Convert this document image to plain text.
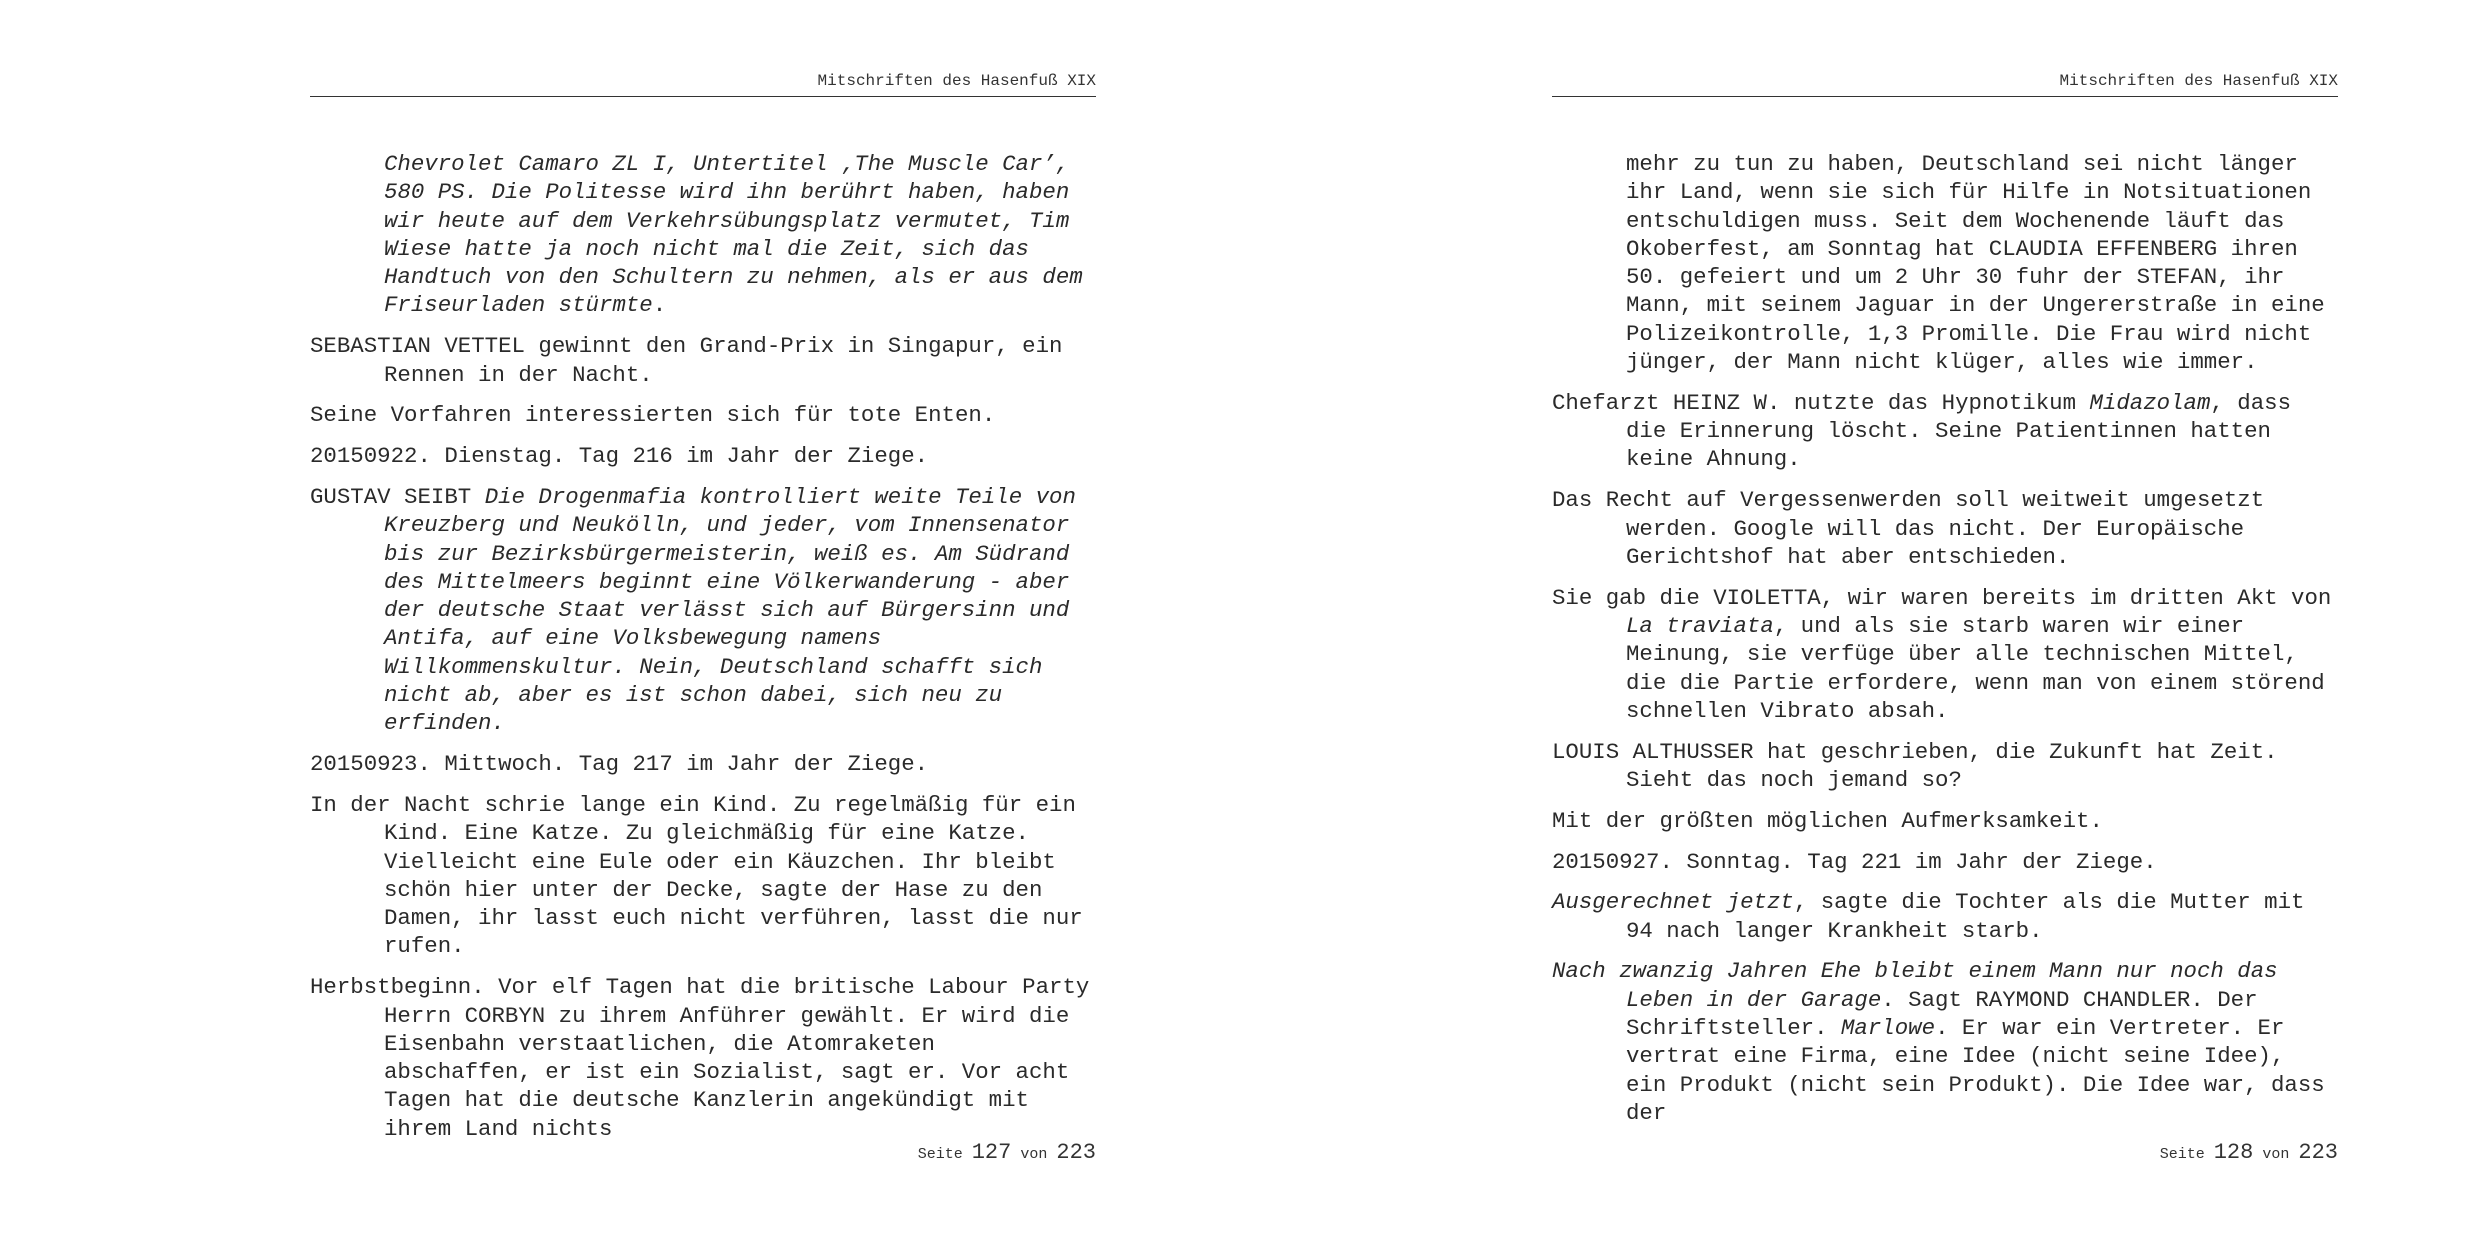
Mitschriften des Hasenfuß XIX

Chevrolet Camaro ZL I, Untertitel ‚The Muscle Car’, 580 PS. Die Politesse wird ihn berührt haben, haben wir heute auf dem Verkehrsübungsplatz vermutet, Tim Wiese hatte ja noch nicht mal die Zeit, sich das Handtuch von den Schultern zu nehmen, als er aus dem Friseurladen stürmte.

SEBASTIAN VETTEL gewinnt den Grand-Prix in Singapur, ein Rennen in der Nacht.

Seine Vorfahren interessierten sich für tote Enten.

20150922. Dienstag. Tag 216 im Jahr der Ziege.

GUSTAV SEIBT Die Drogenmafia kontrolliert weite Teile von Kreuzberg und Neukölln, und jeder, vom Innensenator bis zur Bezirksbürgermeisterin, weiß es. Am Südrand des Mittelmeers beginnt eine Völkerwanderung - aber der deutsche Staat verlässt sich auf Bürgersinn und Antifa, auf eine Volksbewegung namens Willkommenskultur. Nein, Deutschland schafft sich nicht ab, aber es ist schon dabei, sich neu zu erfinden.

20150923. Mittwoch. Tag 217 im Jahr der Ziege.

In der Nacht schrie lange ein Kind. Zu regelmäßig für ein Kind. Eine Katze. Zu gleichmäßig für eine Katze. Vielleicht eine Eule oder ein Käuzchen. Ihr bleibt schön hier unter der Decke, sagte der Hase zu den Damen, ihr lasst euch nicht verführen, lasst die nur rufen.

Herbstbeginn. Vor elf Tagen hat die britische Labour Party Herrn CORBYN zu ihrem Anführer gewählt. Er wird die Eisenbahn verstaatlichen, die Atomraketen abschaffen, er ist ein Sozialist, sagt er. Vor acht Tagen hat die deutsche Kanzlerin angekündigt mit ihrem Land nichts

Seite 127 von 223
Mitschriften des Hasenfuß XIX

mehr zu tun zu haben, Deutschland sei nicht länger ihr Land, wenn sie sich für Hilfe in Notsituationen entschuldigen muss. Seit dem Wochenende läuft das Okoberfest, am Sonntag hat CLAUDIA EFFENBERG ihren 50. gefeiert und um 2 Uhr 30 fuhr der STEFAN, ihr Mann, mit seinem Jaguar in der Ungererstraße in eine Polizeikontrolle, 1,3 Promille. Die Frau wird nicht jünger, der Mann nicht klüger, alles wie immer.

Chefarzt HEINZ W. nutzte das Hypnotikum Midazolam, dass die Erinnerung löscht. Seine Patientinnen hatten keine Ahnung.

Das Recht auf Vergessenwerden soll weitweit umgesetzt werden. Google will das nicht. Der Europäische Gerichtshof hat aber entschieden.

Sie gab die VIOLETTA, wir waren bereits im dritten Akt von La traviata, und als sie starb waren wir einer Meinung, sie verfüge über alle technischen Mittel, die die Partie erfordere, wenn man von einem störend schnellen Vibrato absah.

LOUIS ALTHUSSER hat geschrieben, die Zukunft hat Zeit. Sieht das noch jemand so?

Mit der größten möglichen Aufmerksamkeit.

20150927. Sonntag. Tag 221 im Jahr der Ziege.

Ausgerechnet jetzt, sagte die Tochter als die Mutter mit 94 nach langer Krankheit starb.

Nach zwanzig Jahren Ehe bleibt einem Mann nur noch das Leben in der Garage. Sagt RAYMOND CHANDLER. Der Schriftsteller. Marlowe. Er war ein Vertreter. Er vertrat eine Firma, eine Idee (nicht seine Idee), ein Produkt (nicht sein Produkt). Die Idee war, dass der

Seite 128 von 223
